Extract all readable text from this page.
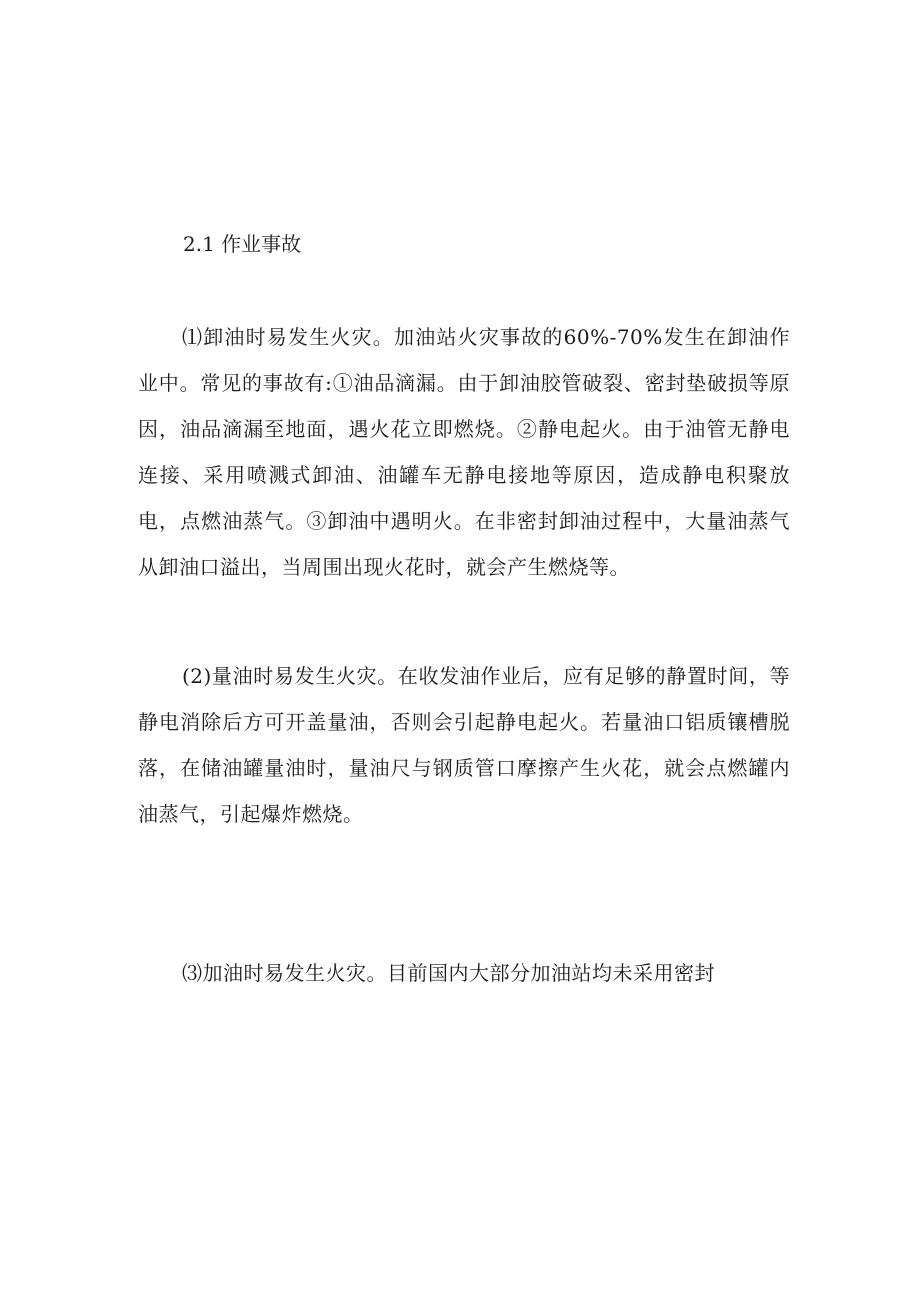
2.1 作业事故

⑴卸油时易发生火灾。加油站火灾事故的60%-70%发生在卸油作业中。常见的事故有:①油品滴漏。由于卸油胶管破裂、密封垫破损等原因，油品滴漏至地面，遇火花立即燃烧。②静电起火。由于油管无静电连接、采用喷溅式卸油、油罐车无静电接地等原因，造成静电积聚放电，点燃油蒸气。③卸油中遇明火。在非密封卸油过程中，大量油蒸气从卸油口溢出，当周围出现火花时，就会产生燃烧等。

(2)量油时易发生火灾。在收发油作业后，应有足够的静置时间，等静电消除后方可开盖量油，否则会引起静电起火。若量油口铝质镶槽脱落，在储油罐量油时，量油尺与钢质管口摩擦产生火花，就会点燃罐内油蒸气，引起爆炸燃烧。

⑶加油时易发生火灾。目前国内大部分加油站均未采用密封
